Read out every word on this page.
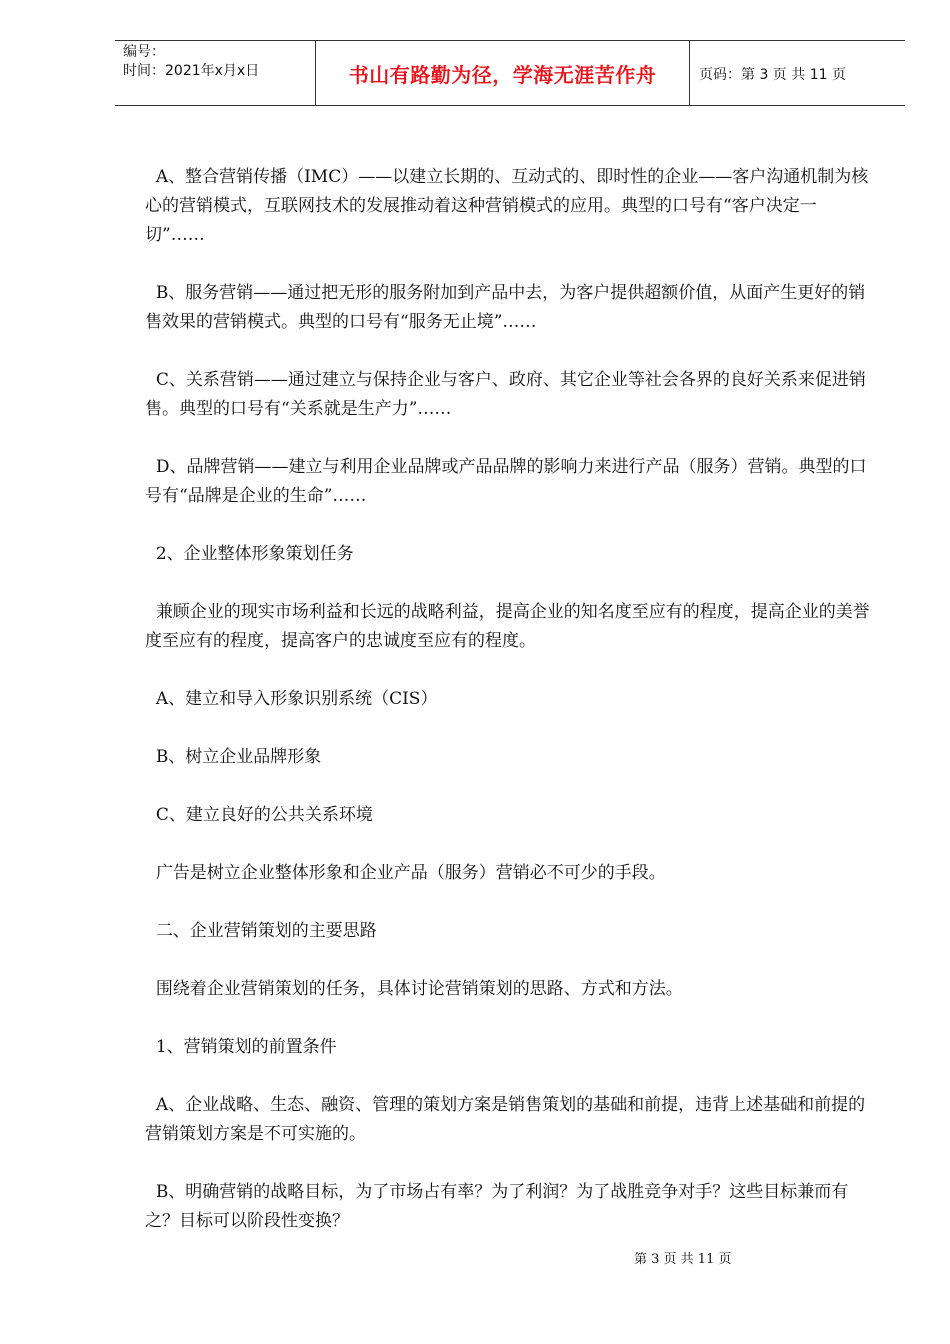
编号：
时间：2021年x月x日	书山有路勤为径，学海无涯苦作舟	页码：第 3 页 共 11 页

A、整合营销传播（IMC）——以建立长期的、互动式的、即时性的企业——客户沟通机制为核心的营销模式，互联网技术的发展推动着这种营销模式的应用。典型的口号有“客户决定一切”……

B、服务营销——通过把无形的服务附加到产品中去，为客户提供超额价值，从面产生更好的销售效果的营销模式。典型的口号有“服务无止境”……

C、关系营销——通过建立与保持企业与客户、政府、其它企业等社会各界的良好关系来促进销售。典型的口号有“关系就是生产力”……

D、品牌营销——建立与利用企业品牌或产品品牌的影响力来进行产品（服务）营销。典型的口号有“品牌是企业的生命”……

2、企业整体形象策划任务

兼顾企业的现实市场利益和长远的战略利益，提高企业的知名度至应有的程度，提高企业的美誉度至应有的程度，提高客户的忠诚度至应有的程度。

A、建立和导入形象识别系统（CIS）

B、树立企业品牌形象

C、建立良好的公共关系环境

广告是树立企业整体形象和企业产品（服务）营销必不可少的手段。

二、企业营销策划的主要思路

围绕着企业营销策划的任务，具体讨论营销策划的思路、方式和方法。

1、营销策划的前置条件

A、企业战略、生态、融资、管理的策划方案是销售策划的基础和前提，违背上述基础和前提的营销策划方案是不可实施的。

B、明确营销的战略目标，为了市场占有率？为了利润？为了战胜竞争对手？这些目标兼而有之？目标可以阶段性变换？

第 3 页 共 11 页
